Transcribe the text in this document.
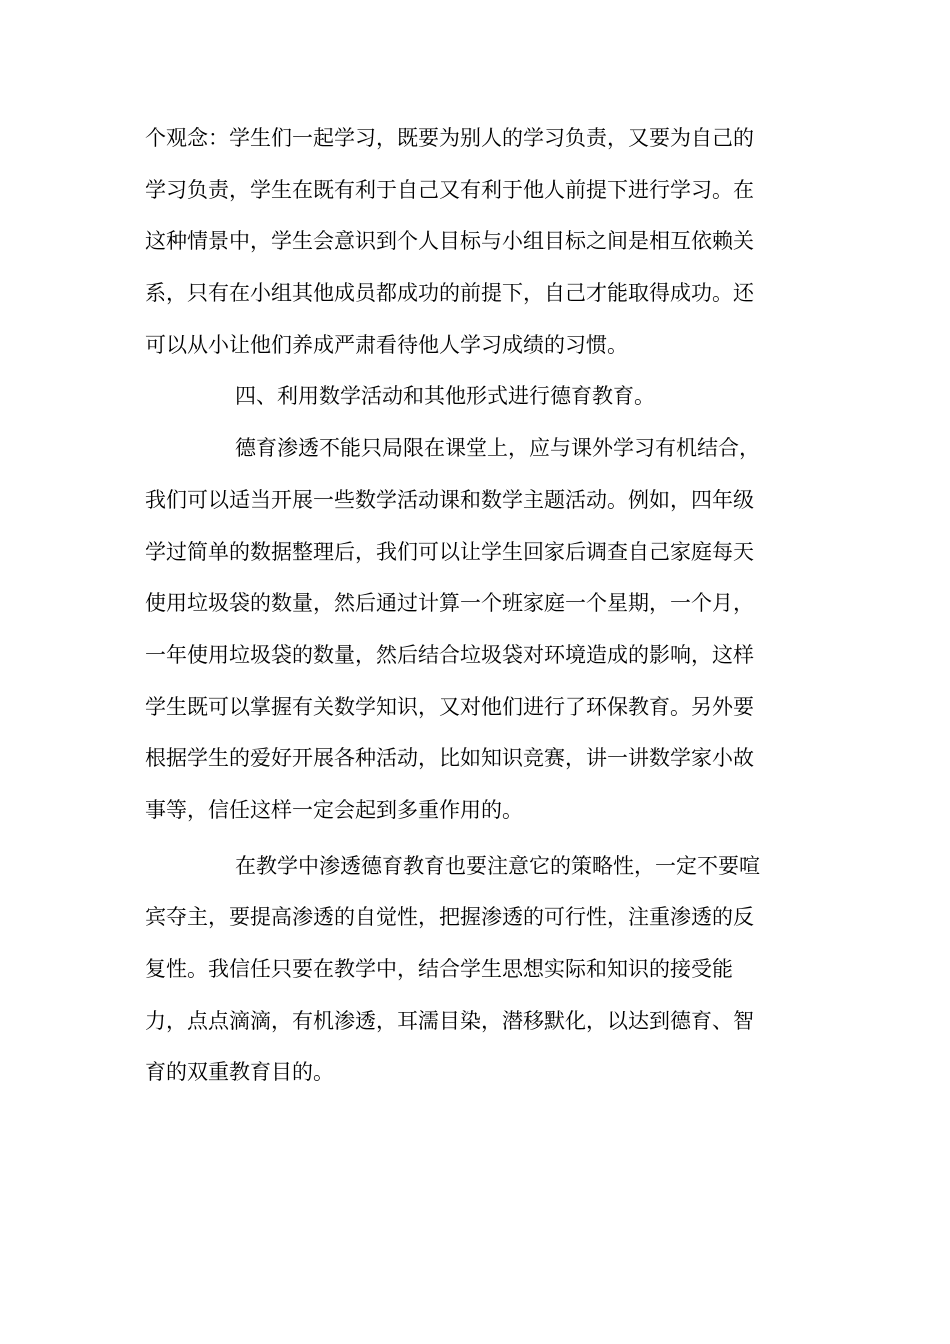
个观念：学生们一起学习，既要为别人的学习负责，又要为自己的
学习负责，学生在既有利于自己又有利于他人前提下进行学习。在
这种情景中，学生会意识到个人目标与小组目标之间是相互依赖关
系，只有在小组其他成员都成功的前提下，自己才能取得成功。还
可以从小让他们养成严肃看待他人学习成绩的习惯。
四、利用数学活动和其他形式进行德育教育。
德育渗透不能只局限在课堂上，应与课外学习有机结合，
我们可以适当开展一些数学活动课和数学主题活动。例如，四年级
学过简单的数据整理后，我们可以让学生回家后调查自己家庭每天
使用垃圾袋的数量，然后通过计算一个班家庭一个星期，一个月，
一年使用垃圾袋的数量，然后结合垃圾袋对环境造成的影响，这样
学生既可以掌握有关数学知识，又对他们进行了环保教育。另外要
根据学生的爱好开展各种活动，比如知识竞赛，讲一讲数学家小故
事等，信任这样一定会起到多重作用的。
在教学中渗透德育教育也要注意它的策略性，一定不要喧
宾夺主，要提高渗透的自觉性，把握渗透的可行性，注重渗透的反
复性。我信任只要在教学中，结合学生思想实际和知识的接受能
力，点点滴滴，有机渗透，耳濡目染，潜移默化，以达到德育、智
育的双重教育目的。
